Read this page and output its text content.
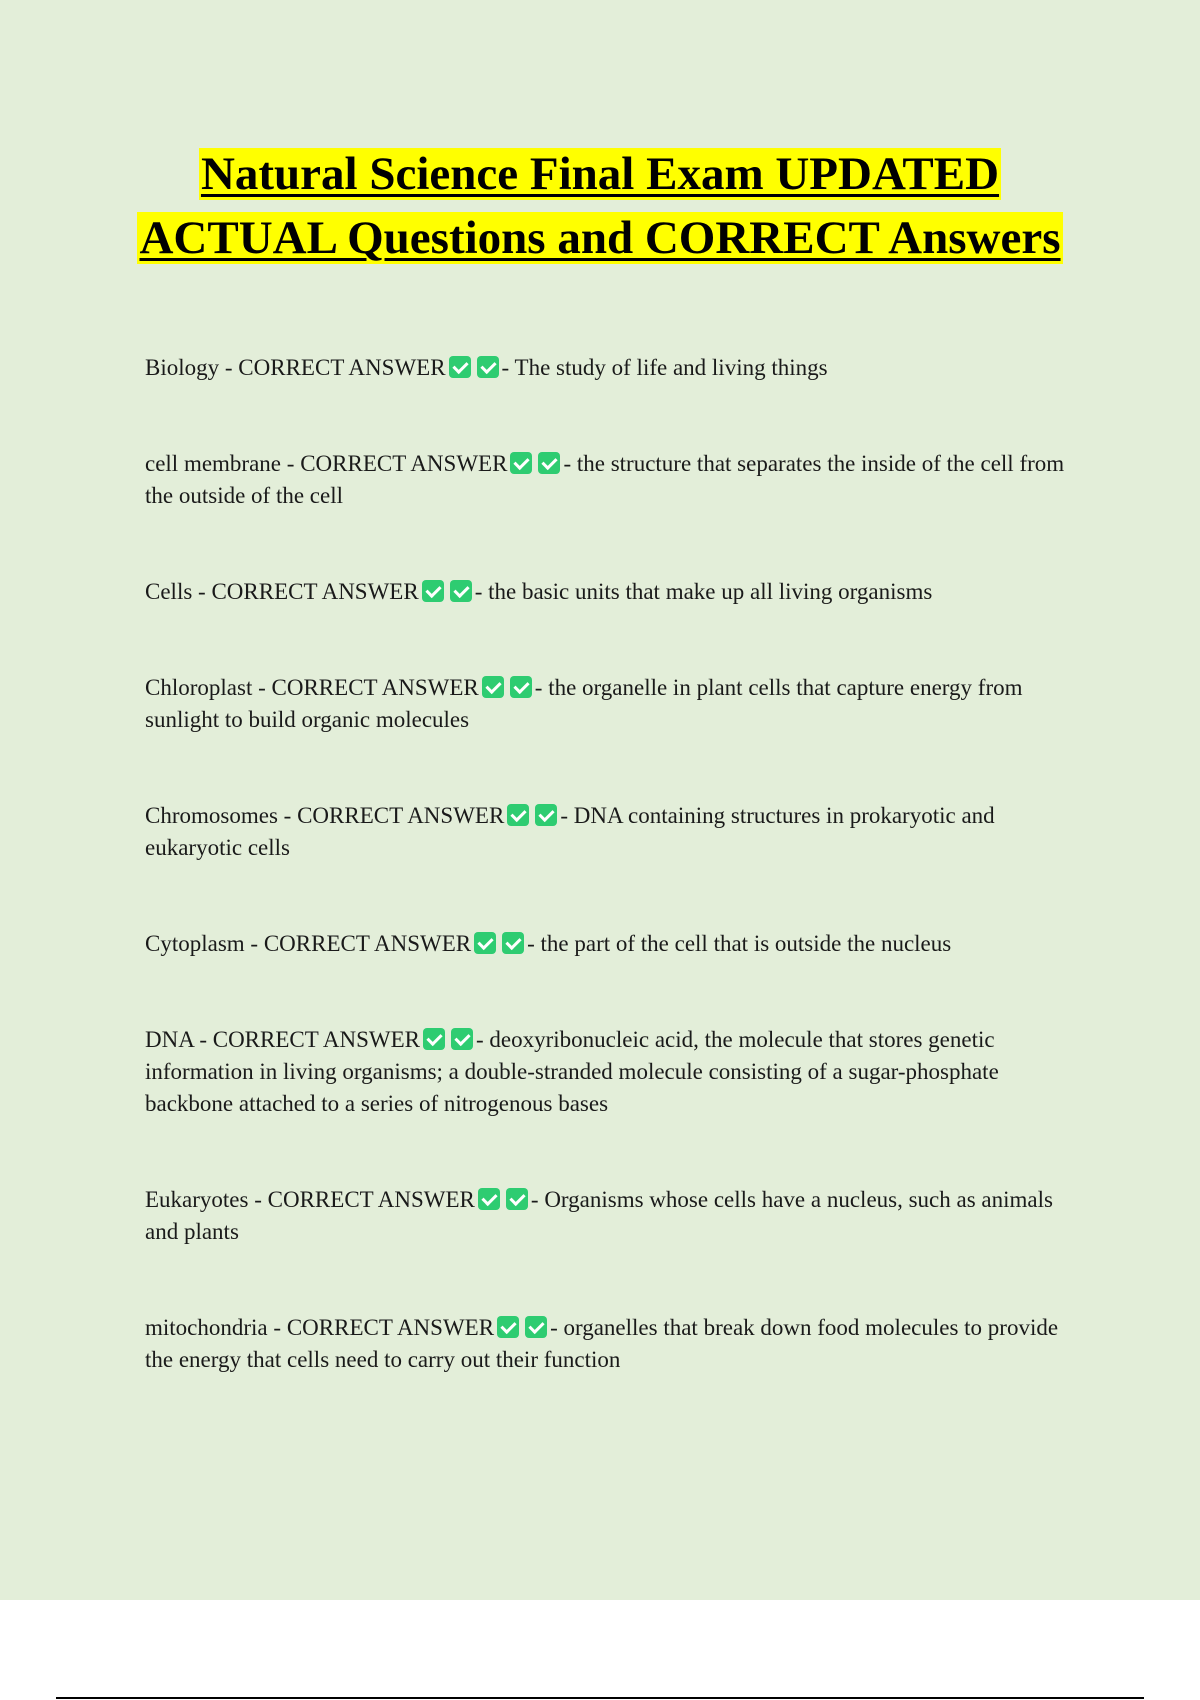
Natural Science Final Exam UPDATED ACTUAL Questions and CORRECT Answers

Biology - CORRECT ANSWER - The study of life and living things

cell membrane - CORRECT ANSWER - the structure that separates the inside of the cell from the outside of the cell

Cells - CORRECT ANSWER - the basic units that make up all living organisms

Chloroplast - CORRECT ANSWER - the organelle in plant cells that capture energy from sunlight to build organic molecules

Chromosomes - CORRECT ANSWER - DNA containing structures in prokaryotic and eukaryotic cells

Cytoplasm - CORRECT ANSWER - the part of the cell that is outside the nucleus

DNA - CORRECT ANSWER - deoxyribonucleic acid, the molecule that stores genetic information in living organisms; a double-stranded molecule consisting of a sugar-phosphate backbone attached to a series of nitrogenous bases

Eukaryotes - CORRECT ANSWER - Organisms whose cells have a nucleus, such as animals and plants

mitochondria - CORRECT ANSWER - organelles that break down food molecules to provide the energy that cells need to carry out their function
